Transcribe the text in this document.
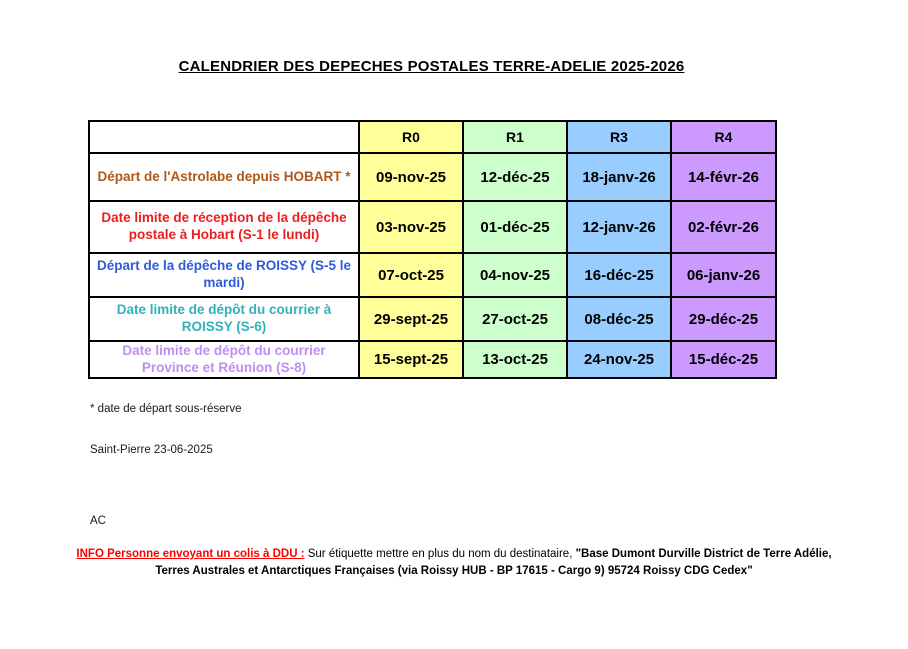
CALENDRIER DES DEPECHES POSTALES TERRE-ADELIE 2025-2026
	R0	R1	R3	R4
Départ de l'Astrolabe depuis HOBART *	09-nov-25	12-déc-25	18-janv-26	14-févr-26
Date limite de réception de la dépêche postale à Hobart (S-1 le lundi)	03-nov-25	01-déc-25	12-janv-26	02-févr-26
Départ de la dépêche de ROISSY (S-5 le mardi)	07-oct-25	04-nov-25	16-déc-25	06-janv-26
Date limite de dépôt du courrier à ROISSY (S-6)	29-sept-25	27-oct-25	08-déc-25	29-déc-25
Date limite de dépôt du courrier Province et Réunion (S-8)	15-sept-25	13-oct-25	24-nov-25	15-déc-25
* date de départ sous-réserve
Saint-Pierre 23-06-2025
AC
INFO Personne envoyant un colis à DDU : Sur étiquette mettre en plus du nom du destinataire, "Base Dumont Durville District de Terre Adélie,
Terres Australes et Antarctiques Françaises (via Roissy HUB - BP 17615 - Cargo 9) 95724 Roissy CDG Cedex"
